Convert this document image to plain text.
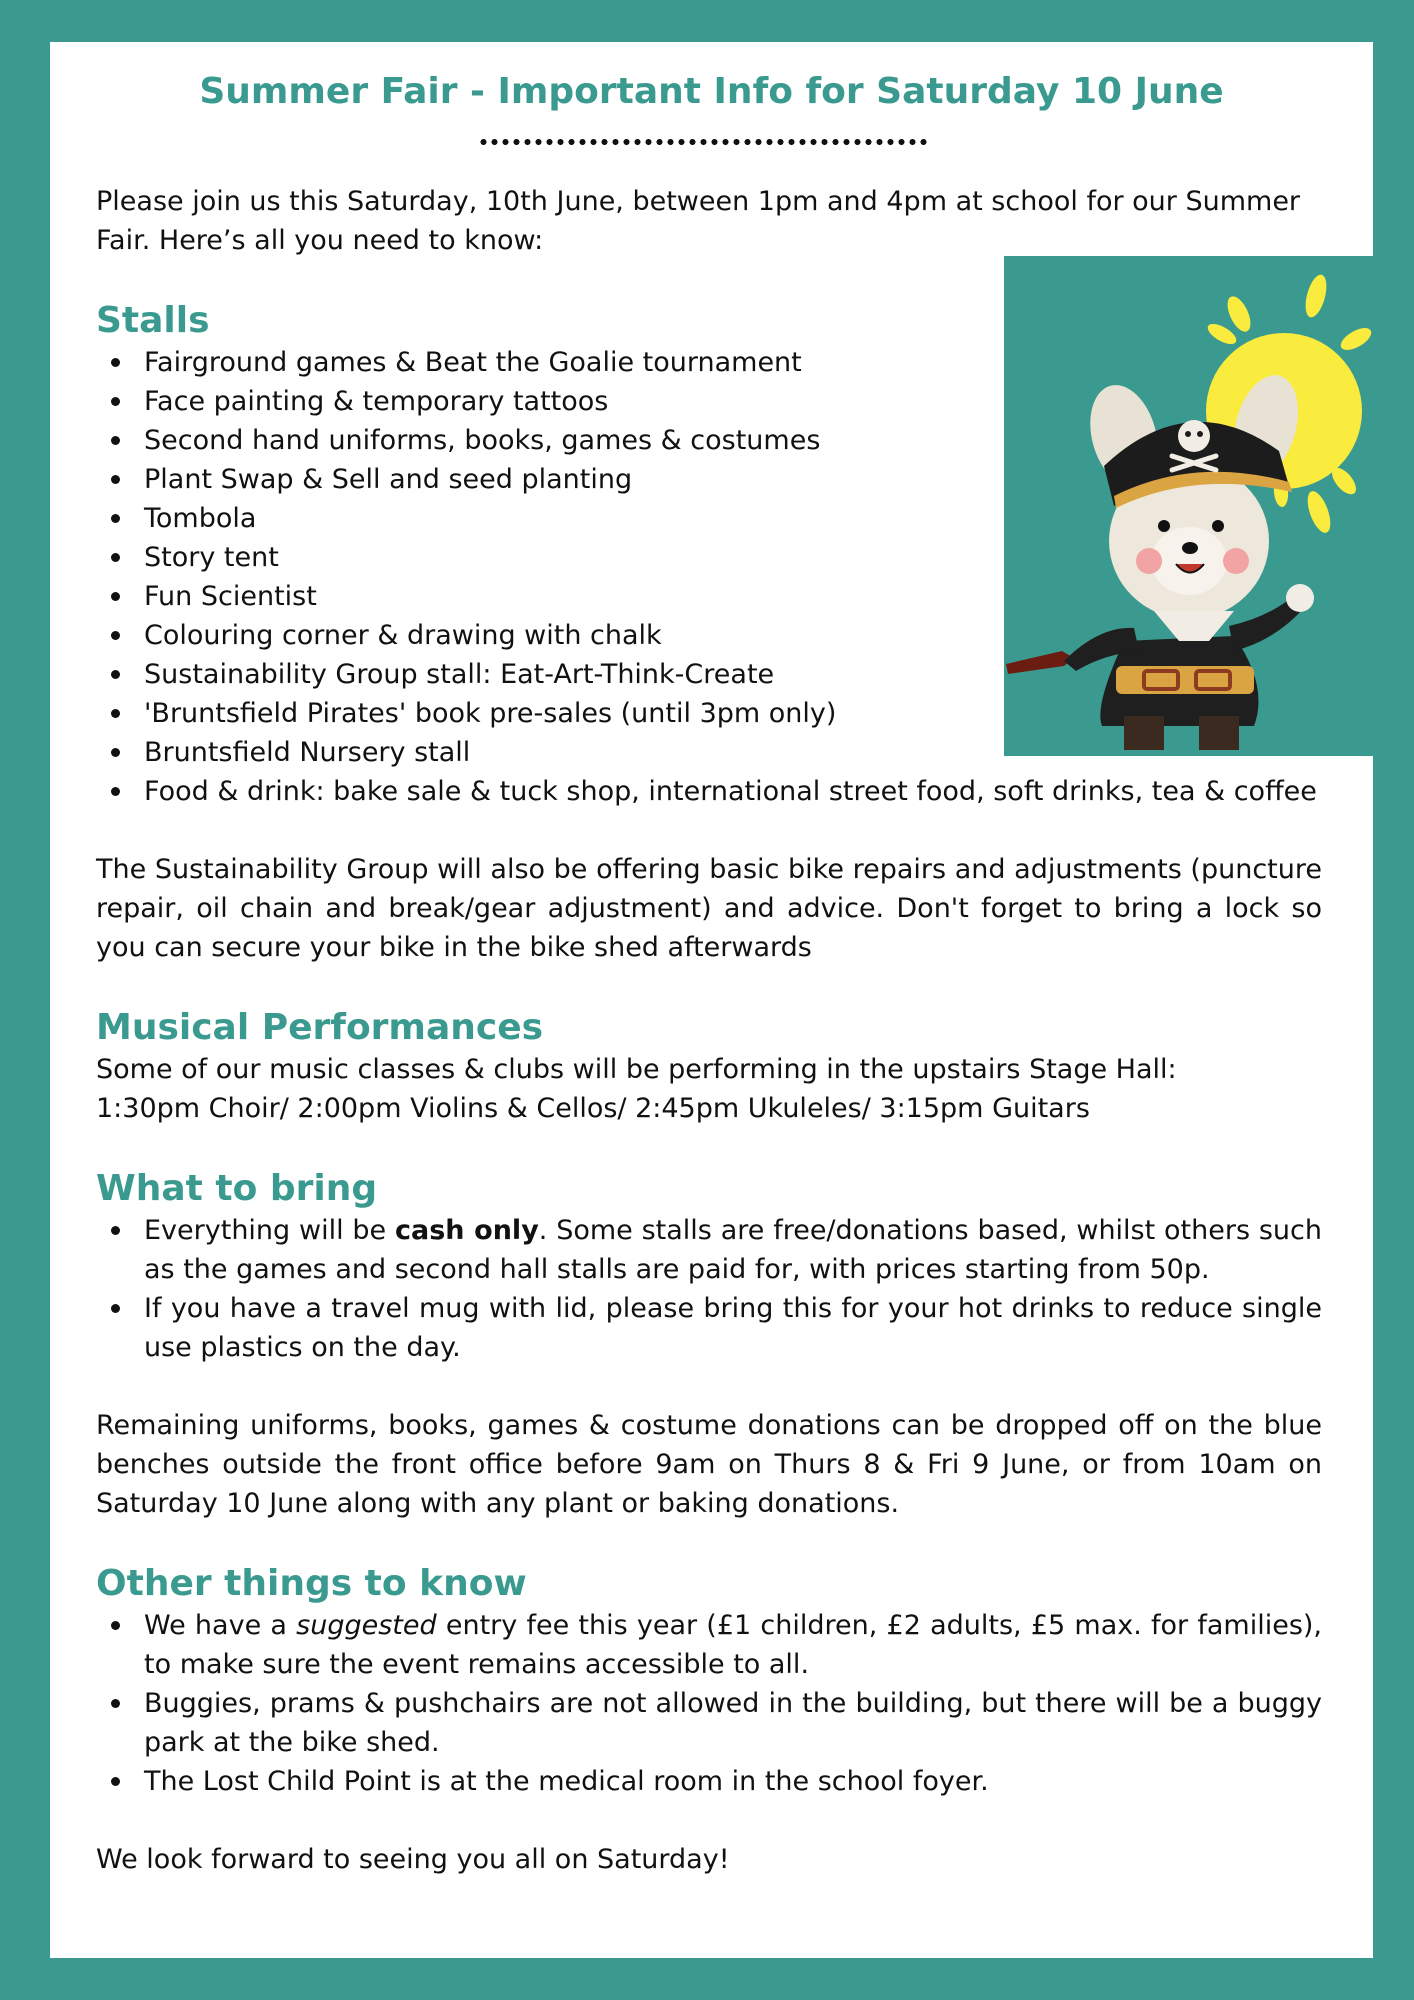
Summer Fair - Important Info for Saturday 10 June

Please join us this Saturday, 10th June, between 1pm and 4pm at school for our Summer Fair. Here’s all you need to know:

Stalls
Fairground games & Beat the Goalie tournament
Face painting & temporary tattoos
Second hand uniforms, books, games & costumes
Plant Swap & Sell and seed planting
Tombola
Story tent
Fun Scientist
Colouring corner & drawing with chalk
Sustainability Group stall: Eat-Art-Think-Create
'Bruntsfield Pirates' book pre-sales (until 3pm only)
Bruntsfield Nursery stall
Food & drink: bake sale & tuck shop, international street food, soft drinks, tea & coffee

The Sustainability Group will also be offering basic bike repairs and adjustments (puncture repair, oil chain and break/gear adjustment) and advice. Don't forget to bring a lock so you can secure your bike in the bike shed afterwards

Musical Performances

Some of our music classes & clubs will be performing in the upstairs Stage Hall:

1:30pm Choir/ 2:00pm Violins & Cellos/ 2:45pm Ukuleles/ 3:15pm Guitars

What to bring
Everything will be cash only. Some stalls are free/donations based, whilst others such as the games and second hall stalls are paid for, with prices starting from 50p.
If you have a travel mug with lid, please bring this for your hot drinks to reduce single use plastics on the day.

Remaining uniforms, books, games & costume donations can be dropped off on the blue benches outside the front office before 9am on Thurs 8 & Fri 9 June, or from 10am on Saturday 10 June along with any plant or baking donations.

Other things to know
We have a suggested entry fee this year (£1 children, £2 adults, £5 max. for families), to make sure the event remains accessible to all.
Buggies, prams & pushchairs are not allowed in the building, but there will be a buggy park at the bike shed.
The Lost Child Point is at the medical room in the school foyer.

We look forward to seeing you all on Saturday!
